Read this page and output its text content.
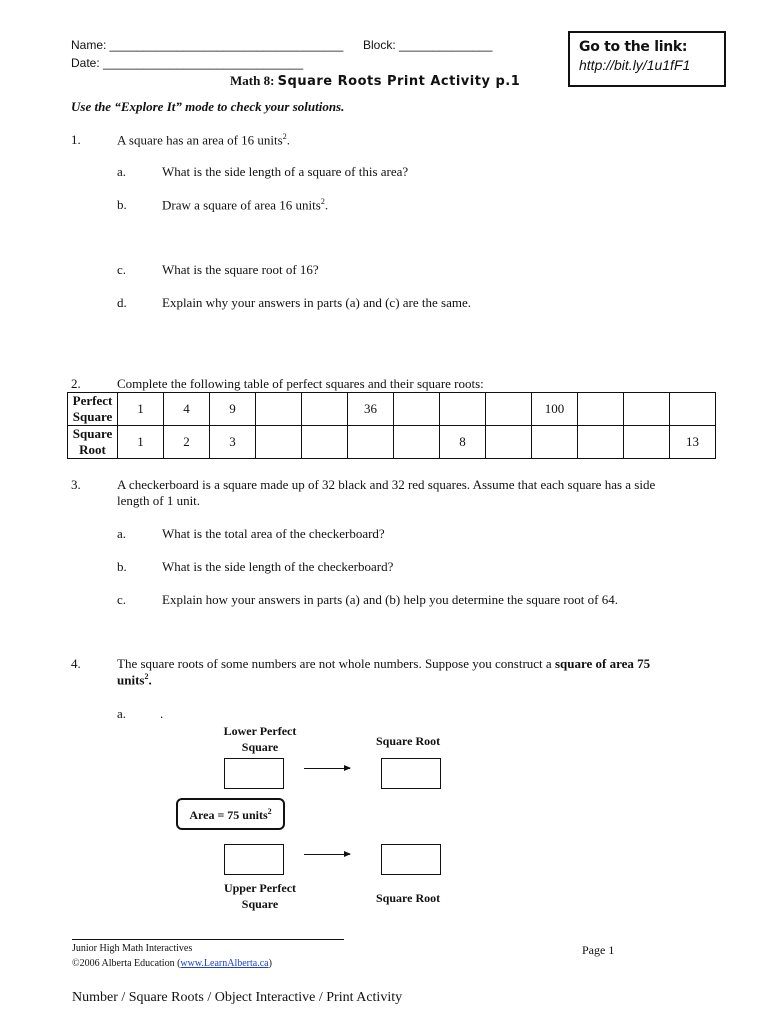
Name: ___________________________________ Block: ______________
Date: ______________________________
Go to the link:
http://bit.ly/1u1fF1
Math 8: Square Roots Print Activity p.1
Use the “Explore It” mode to check your solutions.
1.	A square has an area of 16 units$^2$.
a.	What is the side length of a square of this area?
b.	Draw a square of area 16 units$^2$.
c.	What is the square root of 16?
d.	Explain why your answers in parts (a) and (c) are the same.
2.	Complete the following table of perfect squares and their square roots:
Perfect
Square	1	4	9			36				100			
Square
Root	1	2	3					8					13
3.	A checkerboard is a square made up of 32 black and 32 red squares. Assume that each square has a side
length of 1 unit.
a.	What is the total area of the checkerboard?
b.	What is the side length of the checkerboard?
c.	Explain how your answers in parts (a) and (b) help you determine the square root of 64.
4.	The square roots of some numbers are not whole numbers. Suppose you construct a square of area 75
units$^2$.
a.	.
Lower Perfect
Square	Square Root
Area = 75 units$^2$
Upper Perfect
Square	Square Root
Junior High Math Interactives
©2006 Alberta Education (www.LearnAlberta.ca)
Page 1
Number / Square Roots / Object Interactive / Print Activity
